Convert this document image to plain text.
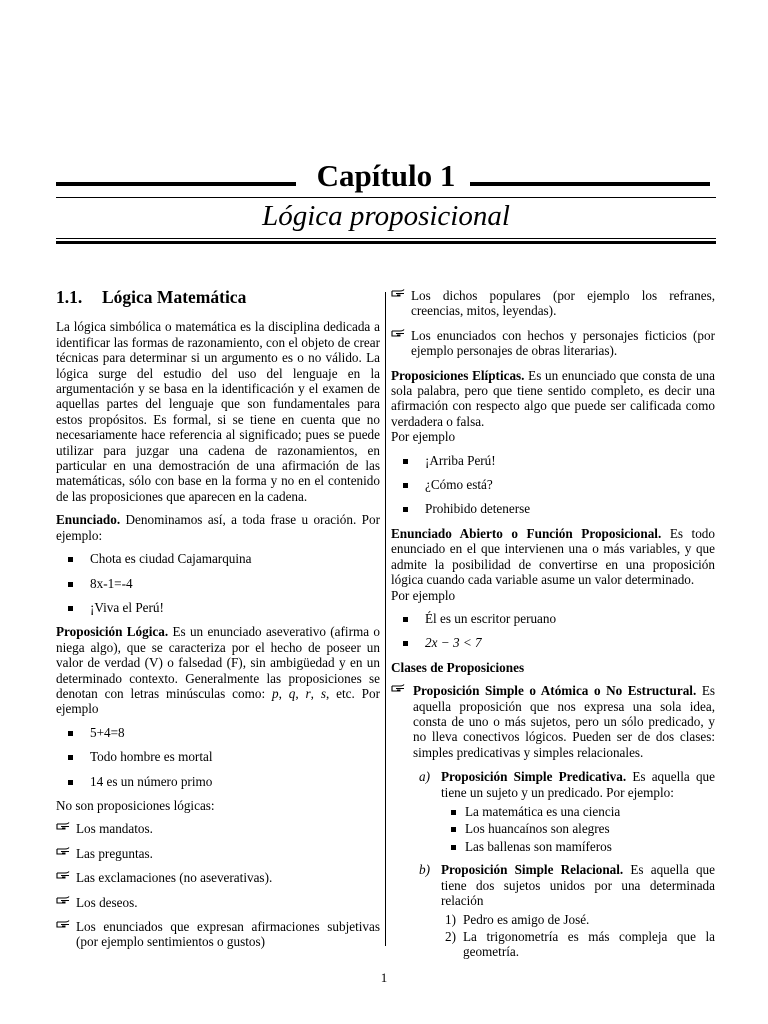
Capítulo 1
Lógica proposicional
1.1. Lógica Matemática

La lógica simbólica o matemática es la disciplina dedicada a identificar las formas de razonamiento, con el objeto de crear técnicas para determinar si un argumento es o no válido. La lógica surge del estudio del uso del lenguaje en la argumentación y se basa en la identificación y el examen de aquellas partes del lenguaje que son fundamentales para estos propósitos. Es formal, si se tiene en cuenta que no necesariamente hace referencia al significado; pues se puede utilizar para juzgar una cadena de razonamientos, en particular en una demostración de una afirmación de las matemáticas, sólo con base en la forma y no en el contenido de las proposiciones que aparecen en la cadena.

Enunciado. Denominamos así, a toda frase u oración. Por ejemplo:

Chota es ciudad Cajamarquina
8x-1=-4
¡Viva el Perú!

Proposición Lógica. Es un enunciado aseverativo (afirma o niega algo), que se caracteriza por el hecho de poseer un valor de verdad (V) o falsedad (F), sin ambigüedad y en un determinado contexto. Generalmente las proposiciones se denotan con letras minúsculas como: p, q, r, s, etc. Por ejemplo

5+4=8
Todo hombre es mortal
14 es un número primo

No son proposiciones lógicas:

Los mandatos.
Las preguntas.
Las exclamaciones (no aseverativas).
Los deseos.
Los enunciados que expresan afirmaciones subjetivas (por ejemplo sentimientos o gustos)
Los dichos populares (por ejemplo los refranes, creencias, mitos, leyendas).
Los enunciados con hechos y personajes ficticios (por ejemplo personajes de obras literarias).

Proposiciones Elípticas. Es un enunciado que consta de una sola palabra, pero que tiene sentido completo, es decir una afirmación con respecto algo que puede ser calificada como verdadera o falsa.

Por ejemplo

¡Arriba Perú!
¿Cómo está?
Prohibido detenerse

Enunciado Abierto o Función Proposicional. Es todo enunciado en el que intervienen una o más variables, y que admite la posibilidad de convertirse en una proposición lógica cuando cada variable asume un valor determinado.

Por ejemplo

Él es un escritor peruano
2x − 3 < 7
Clases de Proposiciones
Proposición Simple o Atómica o No Estructural. Es aquella proposición que nos expresa una sola idea, consta de uno o más sujetos, pero un sólo predicado, y no lleva conectivos lógicos. Pueden ser de dos clases: simples predicativas y simples relacionales.
a) Proposición Simple Predicativa. Es aquella que tiene un sujeto y un predicado. Por ejemplo:
La matemática es una ciencia
Los huancaínos son alegres
Las ballenas son mamíferos
b) Proposición Simple Relacional. Es aquella que tiene dos sujetos unidos por una determinada relación
1) Pedro es amigo de José.
2) La trigonometría es más compleja que la geometría.
1
